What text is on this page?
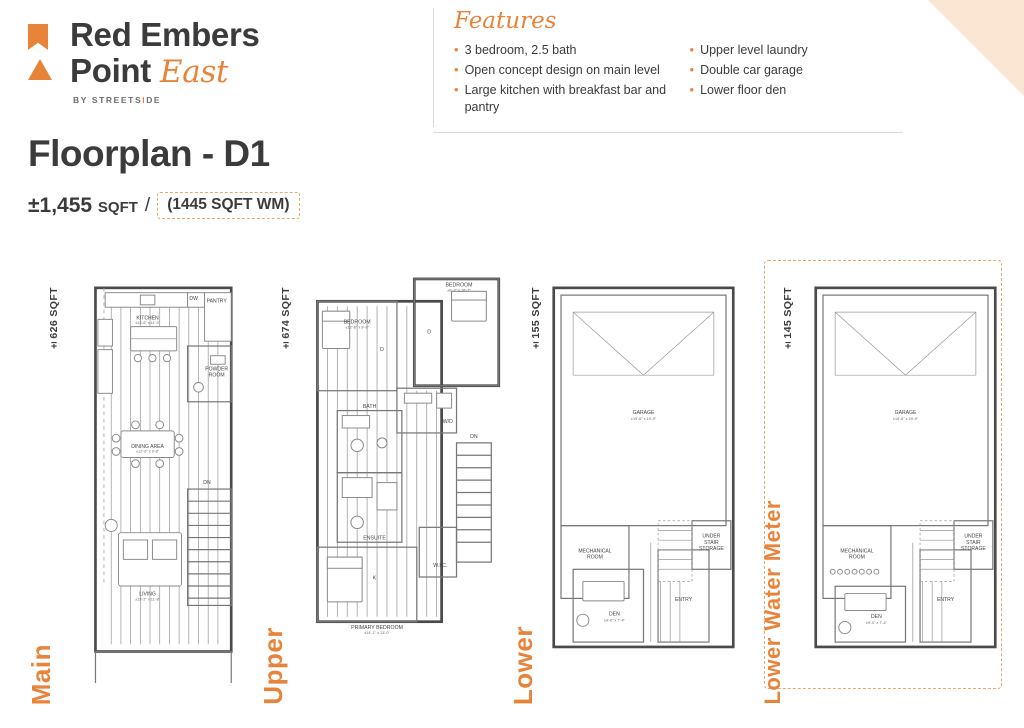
Red Embers
Point East
BY STREETSIDE
Features
• 3 bedroom, 2.5 bath
• Open concept design on main level
• Large kitchen with breakfast bar and pantry
• Upper level laundry
• Double car garage
• Lower floor den
Floorplan - D1
±1,455 SQFT /	(1445 SQFT WM)
Main
±626 SQFT	KITCHEN
±13'-6" x 11'-0"
PANTRY
DW
POWDER
ROOM
DINING AREA
±12'-0" x 9'-8"
LIVING
±13'-2" x 11'-8"
DN
Upper
±674 SQFT	BEDROOM
±12'-8" x 9'-8"
D
BEDROOM
±9'-2" x 10'-7"
D
W/D
BATH
ENSUITE
W.I.C.
DN
K
PRIMARY BEDROOM
±14'-1" x 13'-0"	Lower
±155 SQFT
GARAGE
±19'-6" x 19'-9"
MECHANICAL
ROOM
DEN
±9'-0" x 7'-4"
ENTRY
UNDER
STAIR
STORAGE Lower Water Meter
±145 SQFT
GARAGE
±19'-6" x 19'-9"
MECHANICAL
ROOM
DEN
±9'-0" x 7'-4"
ENTRY
UNDER
STAIR
STORAGE
